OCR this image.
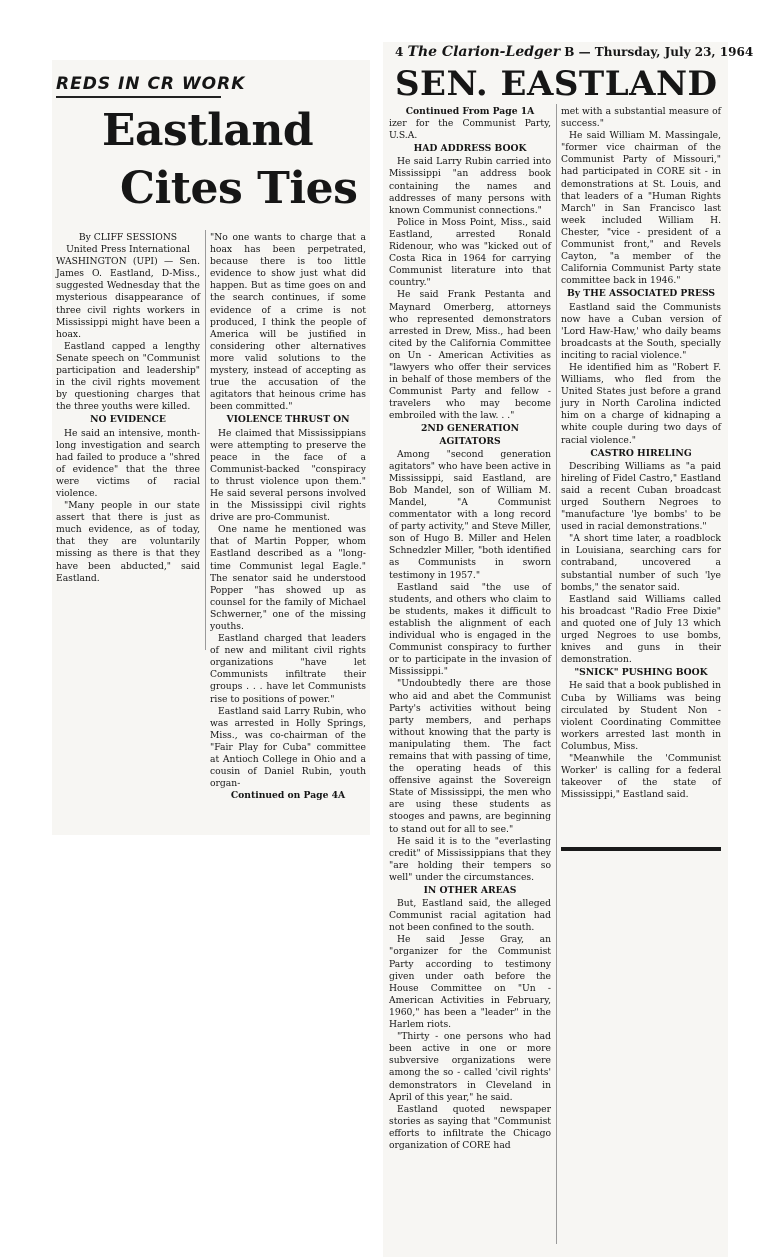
REDS IN CR WORK
Eastland
Cites Ties

By CLIFF SESSIONS

United Press International

WASHINGTON (UPI) — Sen. James O. Eastland, D-Miss., suggested Wednesday that the mysterious disappearance of three civil rights workers in Mississippi might have been a hoax.

Eastland capped a lengthy Senate speech on "Communist participation and leadership" in the civil rights movement by questioning charges that the three youths were killed.

NO EVIDENCE

He said an intensive, month-long investigation and search had failed to produce a "shred of evidence" that the three were victims of racial violence.

"Many people in our state assert that there is just as much evidence, as of today, that they are voluntarily missing as there is that they have been abducted," said Eastland.

"No one wants to charge that a hoax has been perpetrated, because there is too little evidence to show just what did happen. But as time goes on and the search continues, if some evidence of a crime is not produced, I think the people of America will be justified in considering other alternatives more valid solutions to the mystery, instead of accepting as true the accusation of the agitators that heinous crime has been committed."

VIOLENCE THRUST ON

He claimed that Mississippians were attempting to preserve the peace in the face of a Communist-backed "conspiracy to thrust violence upon them." He said several persons involved in the Mississippi civil rights drive are pro-Communist.

One name he mentioned was that of Martin Popper, whom Eastland described as a "long-time Communist legal Eagle." The senator said he understood Popper "has showed up as counsel for the family of Michael Schwerner," one of the missing youths.

Eastland charged that leaders of new and militant civil rights organizations "have let Communists infiltrate their groups . . . have let Communists rise to positions of power."

Eastland said Larry Rubin, who was arrested in Holly Springs, Miss., was co-chairman of the "Fair Play for Cuba" committee at Antioch College in Ohio and a cousin of Daniel Rubin, youth organ-

Continued on Page 4A

4 The Clarion-Ledger B — Thursday, July 23, 1964
SEN. EASTLAND

Continued From Page 1A

izer for the Communist Party, U.S.A.

HAD ADDRESS BOOK

He said Larry Rubin carried into Mississippi "an address book containing the names and addresses of many persons with known Communist connections."

Police in Moss Point, Miss., said Eastland, arrested Ronald Ridenour, who was "kicked out of Costa Rica in 1964 for carrying Communist literature into that country."

He said Frank Pestanta and Maynard Omerberg, attorneys who represented demonstrators arrested in Drew, Miss., had been cited by the California Committee on Un - American Activities as "lawyers who offer their services in behalf of those members of the Communist Party and fellow - travelers who may become embroiled with the law. . ."

2ND GENERATION AGITATORS

Among "second generation agitators" who have been active in Mississippi, said Eastland, are Bob Mandel, son of William M. Mandel, "A Communist commentator with a long record of party activity," and Steve Miller, son of Hugo B. Miller and Helen Schnedzler Miller, "both identified as Communists in sworn testimony in 1957."

Eastland said "the use of students, and others who claim to be students, makes it difficult to establish the alignment of each individual who is engaged in the Communist conspiracy to further or to participate in the invasion of Mississippi."

"Undoubtedly there are those who aid and abet the Communist Party's activities without being party members, and perhaps without knowing that the party is manipulating them. The fact remains that with passing of time, the operating heads of this offensive against the Sovereign State of Mississippi, the men who are using these students as stooges and pawns, are beginning to stand out for all to see."

He said it is to the "everlasting credit" of Mississippians that they "are holding their tempers so well" under the circumstances.

IN OTHER AREAS

But, Eastland said, the alleged Communist racial agitation had not been confined to the south.

He said Jesse Gray, an "organizer for the Communist Party according to testimony given under oath before the House Committee on "Un - American Activities in February, 1960," has been a "leader" in the Harlem riots.

"Thirty - one persons who had been active in one or more subversive organizations were among the so - called 'civil rights' demonstrators in Cleveland in April of this year," he said.

Eastland quoted newspaper stories as saying that "Communist efforts to infiltrate the Chicago organization of CORE had

met with a substantial measure of success."

He said William M. Massingale, "former vice chairman of the Communist Party of Missouri," had participated in CORE sit - in demonstrations at St. Louis, and that leaders of a "Human Rights March" in San Francisco last week included William H. Chester, "vice - president of a Communist front," and Revels Cayton, "a member of the California Communist Party state committee back in 1946."

By THE ASSOCIATED PRESS

Eastland said the Communists now have a Cuban version of 'Lord Haw-Haw,' who daily beams broadcasts at the South, specially inciting to racial violence."

He identified him as "Robert F. Williams, who fled from the United States just before a grand jury in North Carolina indicted him on a charge of kidnaping a white couple during two days of racial violence."

CASTRO HIRELING

Describing Williams as "a paid hireling of Fidel Castro," Eastland said a recent Cuban broadcast urged Southern Negroes to "manufacture 'lye bombs' to be used in racial demonstrations."

"A short time later, a roadblock in Louisiana, searching cars for contraband, uncovered a substantial number of such 'lye bombs," the senator said.

Eastland said Williams called his broadcast "Radio Free Dixie" and quoted one of July 13 which urged Negroes to use bombs, knives and guns in their demonstration.

"SNICK" PUSHING BOOK

He said that a book published in Cuba by Williams was being circulated by Student Non - violent Coordinating Committee workers arrested last month in Columbus, Miss.

"Meanwhile the 'Communist Worker' is calling for a federal takeover of the state of Mississippi," Eastland said.
